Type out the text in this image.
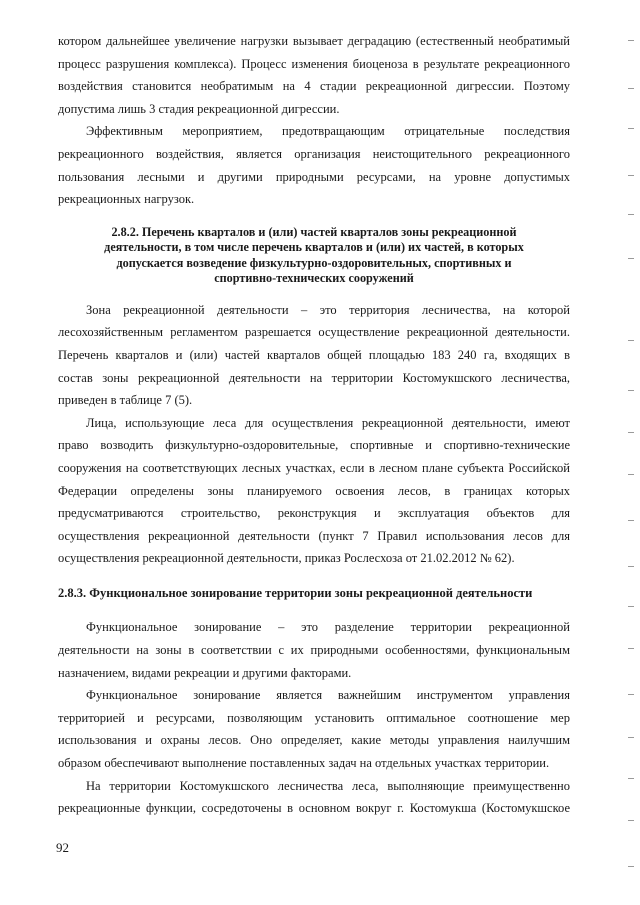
котором дальнейшее увеличение нагрузки вызывает деградацию (естественный необратимый
процесс разрушения комплекса). Процесс изменения биоценоза в результате рекреационного
воздействия становится необратимым на 4 стадии рекреационной дигрессии. Поэтому
допустима лишь 3 стадия рекреационной дигрессии.
Эффективным мероприятием, предотвращающим отрицательные последствия
рекреационного воздействия, является организация неистощительного рекреационного
пользования лесными и другими природными ресурсами, на уровне допустимых
рекреационных нагрузок.
2.8.2. Перечень кварталов и (или) частей кварталов зоны рекреационной
деятельности, в том числе перечень кварталов и (или) их частей, в которых
допускается возведение физкультурно-оздоровительных, спортивных и
спортивно-технических сооружений
Зона рекреационной деятельности – это территория лесничества, на которой
лесохозяйственным регламентом разрешается осуществление рекреационной деятельности.
Перечень кварталов и (или) частей кварталов общей площадью 183 240 га, входящих в
состав зоны рекреационной деятельности на территории Костомукшского лесничества,
приведен в таблице 7 (5).
Лица, использующие леса для осуществления рекреационной деятельности, имеют
право возводить физкультурно-оздоровительные, спортивные и спортивно-технические
сооружения на соответствующих лесных участках, если в лесном плане субъекта Российской
Федерации определены зоны планируемого освоения лесов, в границах которых
предусматриваются строительство, реконструкция и эксплуатация объектов для
осуществления рекреационной деятельности (пункт 7 Правил использования лесов для
осуществления рекреационной деятельности, приказ Рослесхоза от 21.02.2012 № 62).
2.8.3. Функциональное зонирование территории зоны рекреационной деятельности
Функциональное зонирование – это разделение территории рекреационной
деятельности на зоны в соответствии с их природными особенностями, функциональным
назначением, видами рекреации и другими факторами.
Функциональное зонирование является важнейшим инструментом управления
территорией и ресурсами, позволяющим установить оптимальное соотношение мер
использования и охраны лесов. Оно определяет, какие методы управления наилучшим
образом обеспечивают выполнение поставленных задач на отдельных участках территории.
На территории Костомукшского лесничества леса, выполняющие преимущественно
рекреационные функции, сосредоточены в основном вокруг г. Костомукша (Костомукшское
92
